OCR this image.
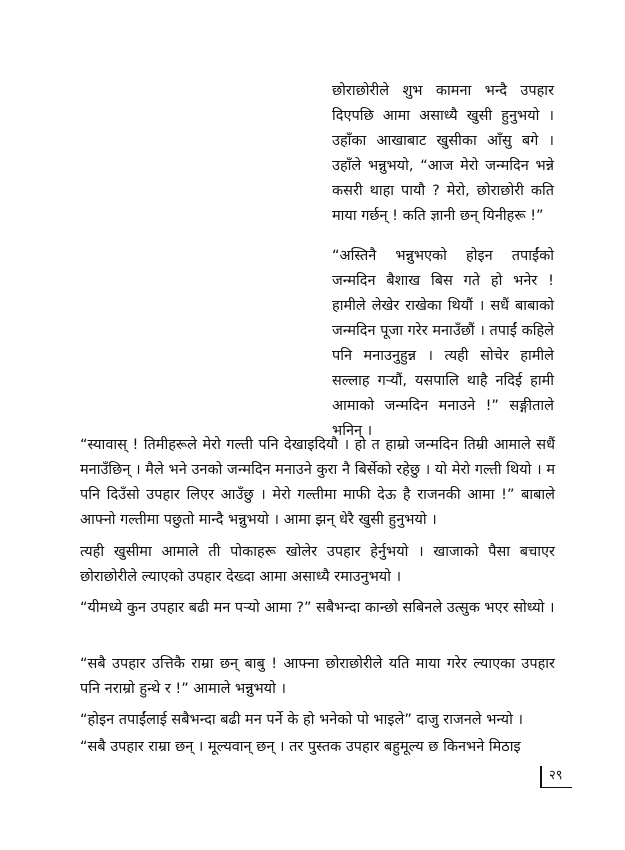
छोराछोरीले शुभ कामना भन्दै उपहार दिएपछि आमा असाध्यै खुसी हुनुभयो । उहाँका आखाबाट खुसीका आँसु बगे । उहाँले भन्नुभयो, “आज मेरो जन्मदिन भन्ने कसरी थाहा पायौ ? मेरो, छोराछोरी कति माया गर्छन् ! कति ज्ञानी छन् यिनीहरू !”

“अस्तिनै भन्नुभएको होइन तपाईंको जन्मदिन बैशाख बिस गते हो भनेर ! हामीले लेखेर राखेका थियौं । सधैं बाबाको जन्मदिन पूजा गरेर मनाउँछौं । तपाईं कहिले पनि मनाउनुहुन्न । त्यही सोचेर हामीले सल्लाह गर्‍यौं, यसपालि थाहै नदिई हामी आमाको जन्मदिन मनाउने !” सङ्गीताले भनिन् ।

“स्यावास् ! तिमीहरूले मेरो गल्ती पनि देखाइदियौ । हो त हाम्रो जन्मदिन तिम्री आमाले सधैं मनाउँछिन् । मैले भने उनको जन्मदिन मनाउने कुरा नै बिर्सेको रहेछु । यो मेरो गल्ती थियो । म पनि दिउँसो उपहार लिएर आउँछु । मेरो गल्तीमा माफी देऊ है राजनकी आमा !” बाबाले आफ्नो गल्तीमा पछुतो मान्दै भन्नुभयो । आमा झन् धेरै खुसी हुनुभयो ।

त्यही खुसीमा आमाले ती पोकाहरू खोलेर उपहार हेर्नुभयो । खाजाको पैसा बचाएर छोराछोरीले ल्याएको उपहार देख्दा आमा असाध्यै रमाउनुभयो ।

“यीमध्ये कुन उपहार बढी मन पर्‍यो आमा ?” सबैभन्दा कान्छो सबिनले उत्सुक भएर सोध्यो ।

“सबै उपहार उत्तिकै राम्रा छन् बाबु ! आफ्ना छोराछोरीले यति माया गरेर ल्याएका उपहार पनि नराम्रो हुन्थे र !” आमाले भन्नुभयो ।

“होइन तपाईंलाई सबैभन्दा बढी मन पर्ने के हो भनेको पो भाइले” दाजु राजनले भन्यो ।

“सबै उपहार राम्रा छन् । मूल्यवान् छन् । तर पुस्तक उपहार बहुमूल्य छ किनभने मिठाइ

२९
